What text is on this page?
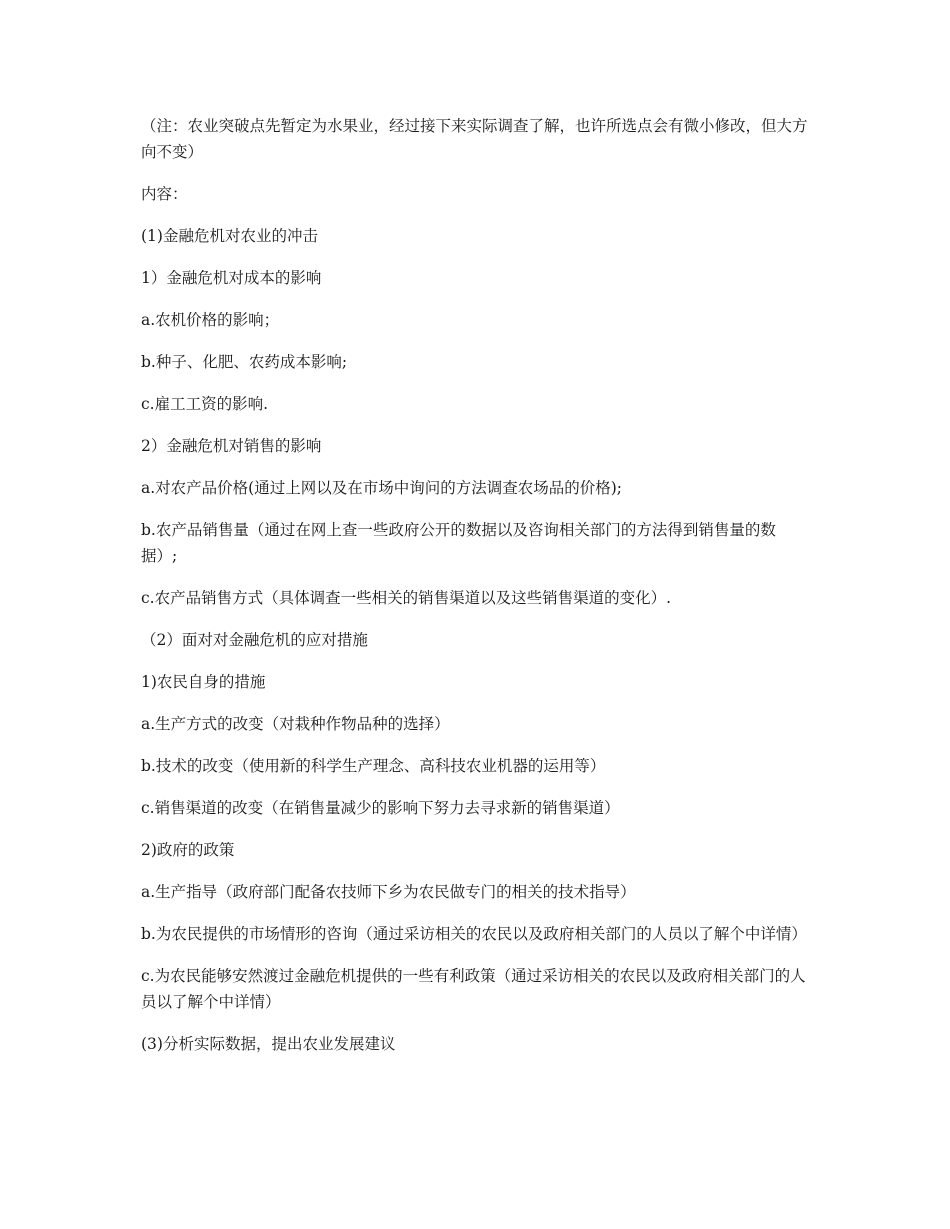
（注：农业突破点先暂定为水果业，经过接下来实际调查了解，也许所选点会有微小修改，但大方向不变）

内容：

(1)金融危机对农业的冲击

1）金融危机对成本的影响

a.农机价格的影响；

b.种子、化肥、农药成本影响;

c.雇工工资的影响.

2）金融危机对销售的影响

a.对农产品价格(通过上网以及在市场中询问的方法调查农场品的价格);

b.农产品销售量（通过在网上查一些政府公开的数据以及咨询相关部门的方法得到销售量的数据）;

c.农产品销售方式（具体调查一些相关的销售渠道以及这些销售渠道的变化）.

（2）面对对金融危机的应对措施

1)农民自身的措施

a.生产方式的改变（对栽种作物品种的选择）

b.技术的改变（使用新的科学生产理念、高科技农业机器的运用等）

c.销售渠道的改变（在销售量减少的影响下努力去寻求新的销售渠道）

2)政府的政策

a.生产指导（政府部门配备农技师下乡为农民做专门的相关的技术指导）

b.为农民提供的市场情形的咨询（通过采访相关的农民以及政府相关部门的人员以了解个中详情）

c.为农民能够安然渡过金融危机提供的一些有利政策（通过采访相关的农民以及政府相关部门的人员以了解个中详情）

(3)分析实际数据，提出农业发展建议
